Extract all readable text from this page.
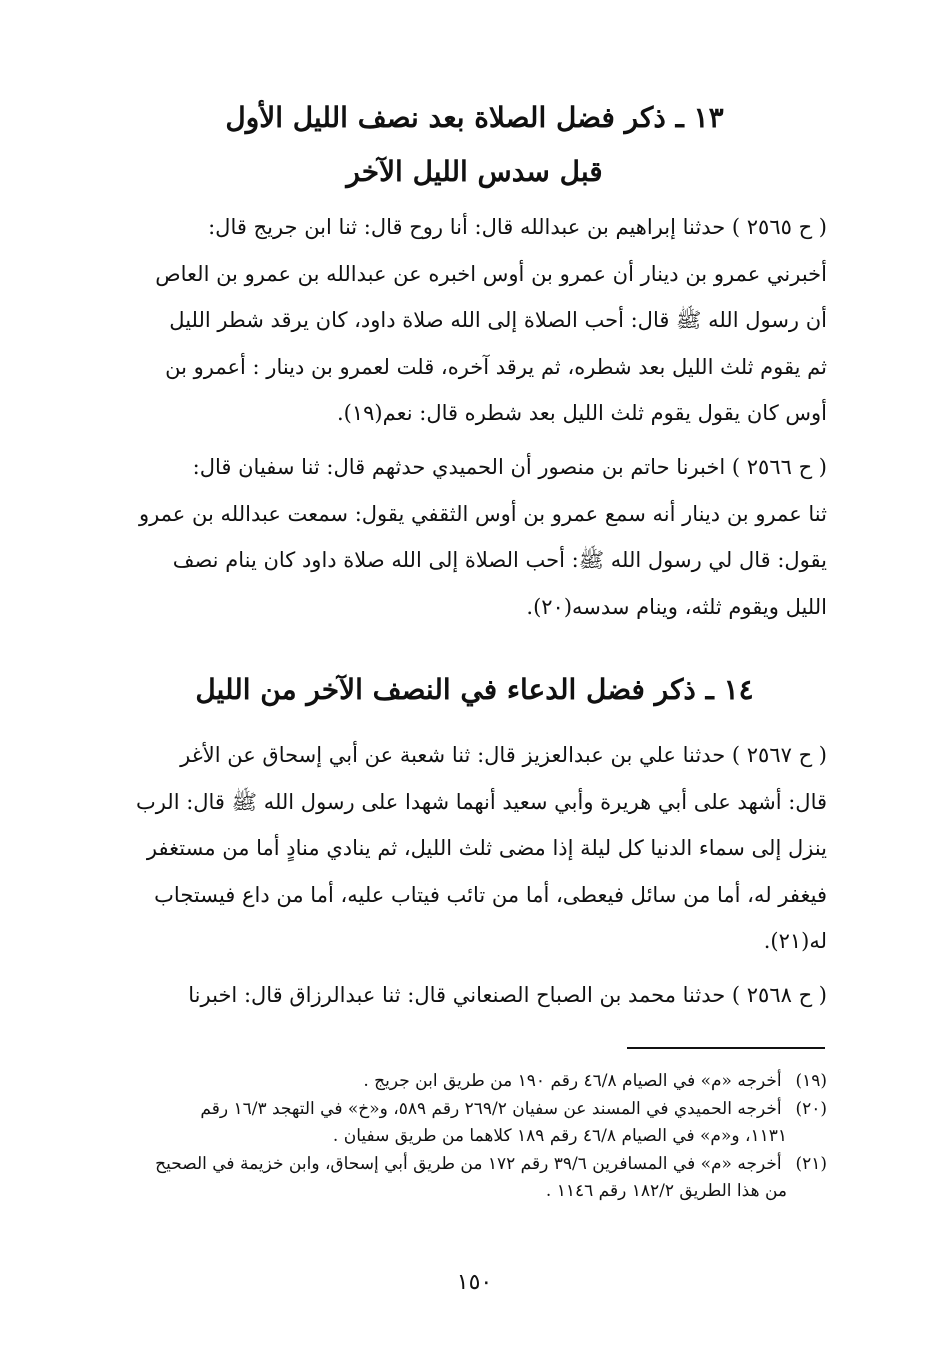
١٣ ـ ذكر فضل الصلاة بعد نصف الليل الأول
قبل سدس الليل الآخر
( ح ٢٥٦٥ ) حدثنا إبراهيم بن عبدالله قال: أنا روح قال: ثنا ابن جريج قال:
أخبرني عمرو بن دينار أن عمرو بن أوس اخبره عن عبدالله بن عمرو بن العاص
أن رسول الله ﷺ قال: أحب الصلاة إلى الله صلاة داود، كان يرقد شطر الليل
ثم يقوم ثلث الليل بعد شطره، ثم يرقد آخره، قلت لعمرو بن دينار : أعمرو بن
أوس كان يقول يقوم ثلث الليل بعد شطره قال: نعم(١٩).
( ح ٢٥٦٦ ) اخبرنا حاتم بن منصور أن الحميدي حدثهم قال: ثنا سفيان قال:
ثنا عمرو بن دينار أنه سمع عمرو بن أوس الثقفي يقول: سمعت عبدالله بن عمرو
يقول: قال لي رسول الله ﷺ: أحب الصلاة إلى الله صلاة داود كان ينام نصف
الليل ويقوم ثلثه، وينام سدسه(٢٠).
١٤ ـ ذكر فضل الدعاء في النصف الآخر من الليل
( ح ٢٥٦٧ ) حدثنا علي بن عبدالعزيز قال: ثنا شعبة عن أبي إسحاق عن الأغر
قال: أشهد على أبي هريرة وأبي سعيد أنهما شهدا على رسول الله ﷺ قال: الرب
ينزل إلى سماء الدنيا كل ليلة إذا مضى ثلث الليل، ثم ينادي منادٍ أما من مستغفر
فيغفر له، أما من سائل فيعطى، أما من تائب فيتاب عليه، أما من داع فيستجاب
له(٢١).
( ح ٢٥٦٨ ) حدثنا محمد بن الصباح الصنعاني قال: ثنا عبدالرزاق قال: اخبرنا
(١٩) أخرجه «م» في الصيام ٤٦/٨ رقم ١٩٠ من طريق ابن جريج .
(٢٠) أخرجه الحميدي في المسند عن سفيان ٢٦٩/٢ رقم ٥٨٩، و«خ» في التهجد ١٦/٣ رقم
١١٣١، و«م» في الصيام ٤٦/٨ رقم ١٨٩ كلاهما من طريق سفيان .
(٢١) أخرجه «م» في المسافرين ٣٩/٦ رقم ١٧٢ من طريق أبي إسحاق، وابن خزيمة في الصحيح
من هذا الطريق ١٨٢/٢ رقم ١١٤٦ .
١٥٠
